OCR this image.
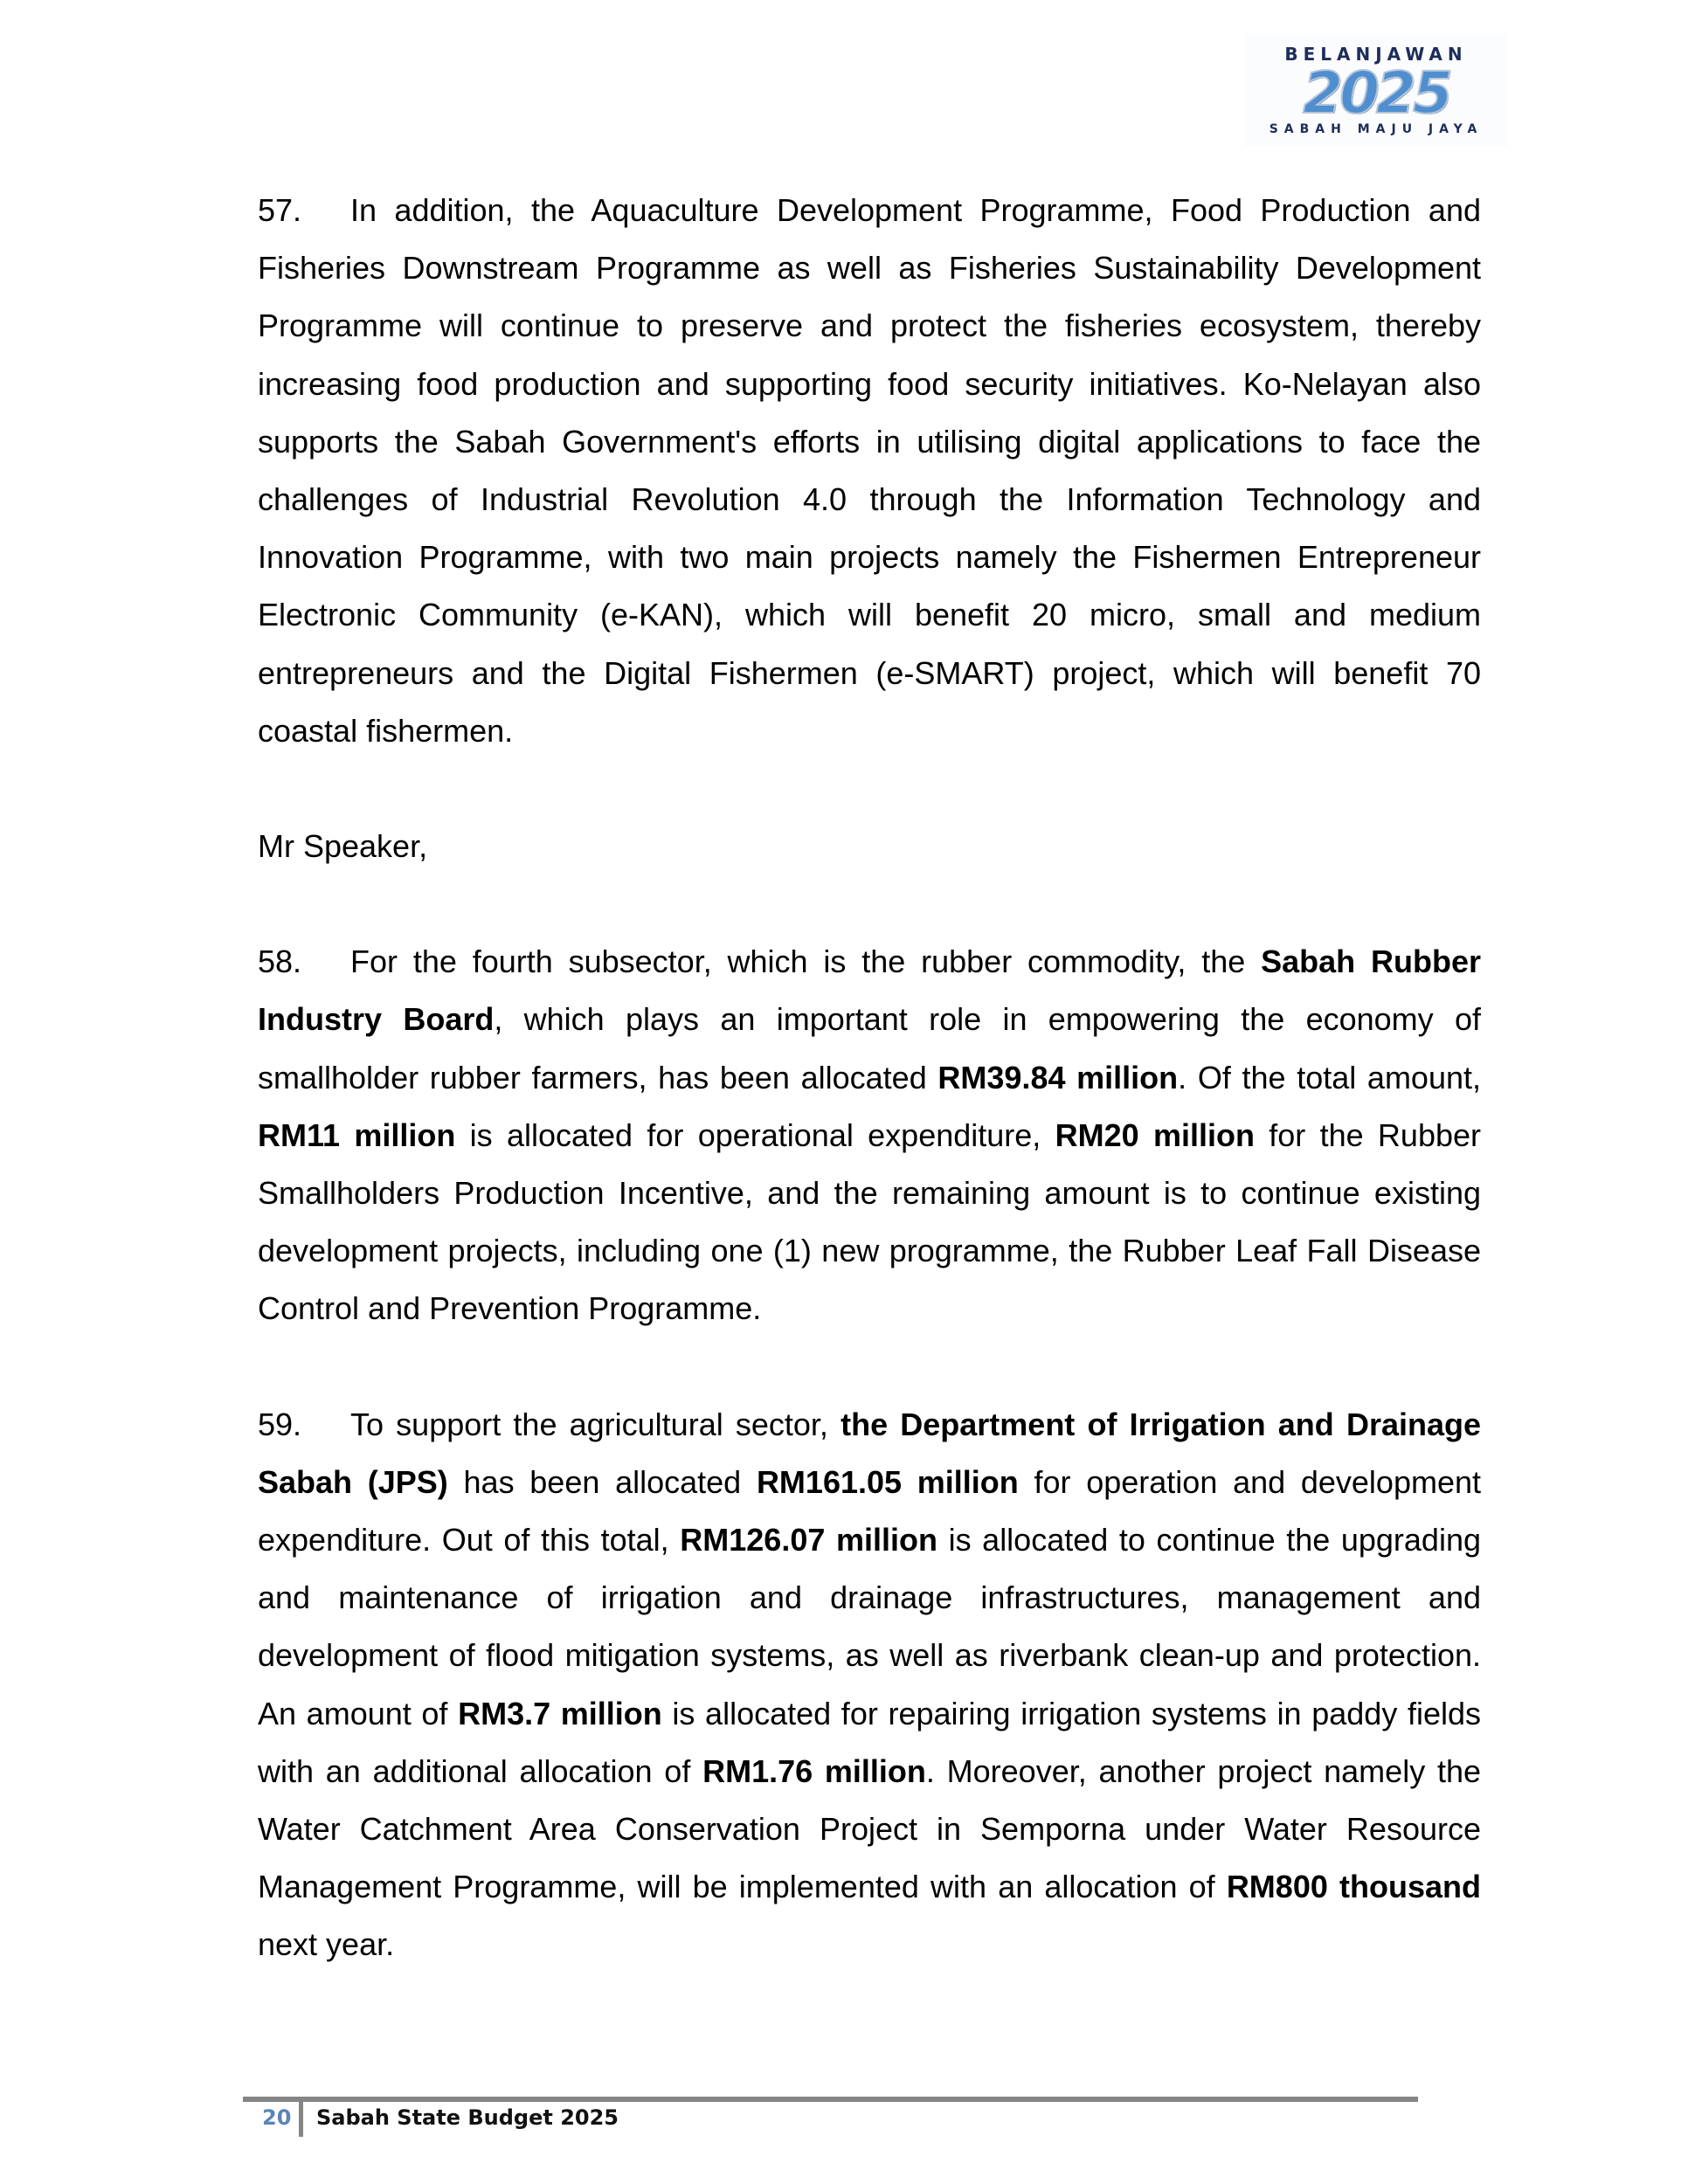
BELANJAWAN
2025
SABAH MAJU JAYA

57. In addition, the Aquaculture Development Programme, Food Production and Fisheries Downstream Programme as well as Fisheries Sustainability Development Programme will continue to preserve and protect the fisheries ecosystem, thereby increasing food production and supporting food security initiatives. Ko-Nelayan also supports the Sabah Government's efforts in utilising digital applications to face the challenges of Industrial Revolution 4.0 through the Information Technology and Innovation Programme, with two main projects namely the Fishermen Entrepreneur Electronic Community (e-KAN), which will benefit 20 micro, small and medium entrepreneurs and the Digital Fishermen (e-SMART) project, which will benefit 70 coastal fishermen.

Mr Speaker,

58. For the fourth subsector, which is the rubber commodity, the Sabah Rubber Industry Board, which plays an important role in empowering the economy of smallholder rubber farmers, has been allocated RM39.84 million. Of the total amount, RM11 million is allocated for operational expenditure, RM20 million for the Rubber Smallholders Production Incentive, and the remaining amount is to continue existing development projects, including one (1) new programme, the Rubber Leaf Fall Disease Control and Prevention Programme.

59. To support the agricultural sector, the Department of Irrigation and Drainage Sabah (JPS) has been allocated RM161.05 million for operation and development expenditure. Out of this total, RM126.07 million is allocated to continue the upgrading and maintenance of irrigation and drainage infrastructures, management and development of flood mitigation systems, as well as riverbank clean-up and protection. An amount of RM3.7 million is allocated for repairing irrigation systems in paddy fields with an additional allocation of RM1.76 million. Moreover, another project namely the Water Catchment Area Conservation Project in Semporna under Water Resource Management Programme, will be implemented with an allocation of RM800 thousand next year.

20 Sabah State Budget 2025
